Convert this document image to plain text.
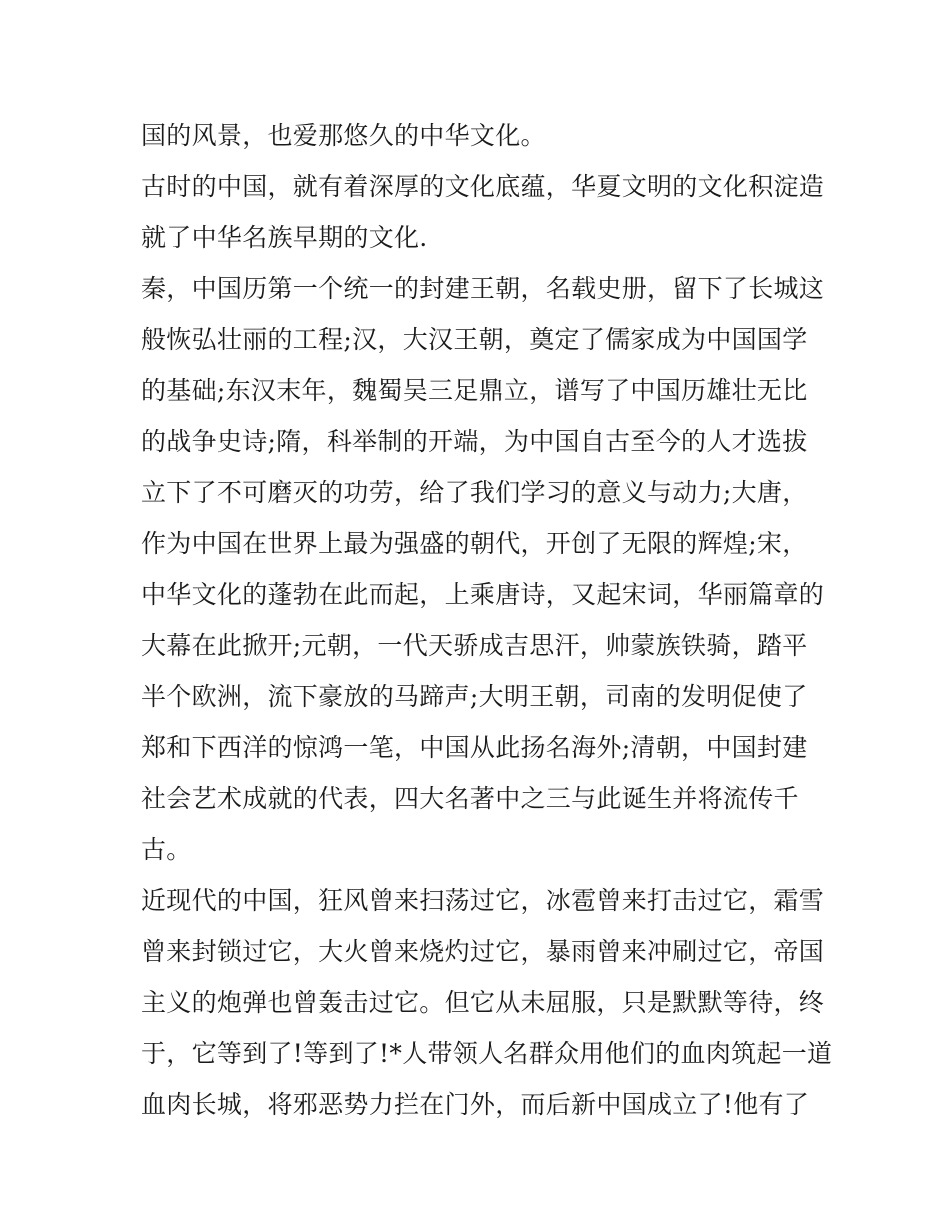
国的风景，也爱那悠久的中华文化。
古时的中国，就有着深厚的文化底蕴，华夏文明的文化积淀造
就了中华名族早期的文化.
秦，中国历第一个统一的封建王朝，名载史册，留下了长城这
般恢弘壮丽的工程;汉，大汉王朝，奠定了儒家成为中国国学
的基础;东汉末年，魏蜀吴三足鼎立，谱写了中国历雄壮无比
的战争史诗;隋，科举制的开端，为中国自古至今的人才选拔
立下了不可磨灭的功劳，给了我们学习的意义与动力;大唐，
作为中国在世界上最为强盛的朝代，开创了无限的辉煌;宋，
中华文化的蓬勃在此而起，上乘唐诗，又起宋词，华丽篇章的
大幕在此掀开;元朝，一代天骄成吉思汗，帅蒙族铁骑，踏平
半个欧洲，流下豪放的马蹄声;大明王朝，司南的发明促使了
郑和下西洋的惊鸿一笔，中国从此扬名海外;清朝，中国封建
社会艺术成就的代表，四大名著中之三与此诞生并将流传千
古。
近现代的中国，狂风曾来扫荡过它，冰雹曾来打击过它，霜雪
曾来封锁过它，大火曾来烧灼过它，暴雨曾来冲刷过它，帝国
主义的炮弹也曾轰击过它。但它从未屈服，只是默默等待，终
于，它等到了!等到了!*人带领人名群众用他们的血肉筑起一道
血肉长城，将邪恶势力拦在门外，而后新中国成立了!他有了
